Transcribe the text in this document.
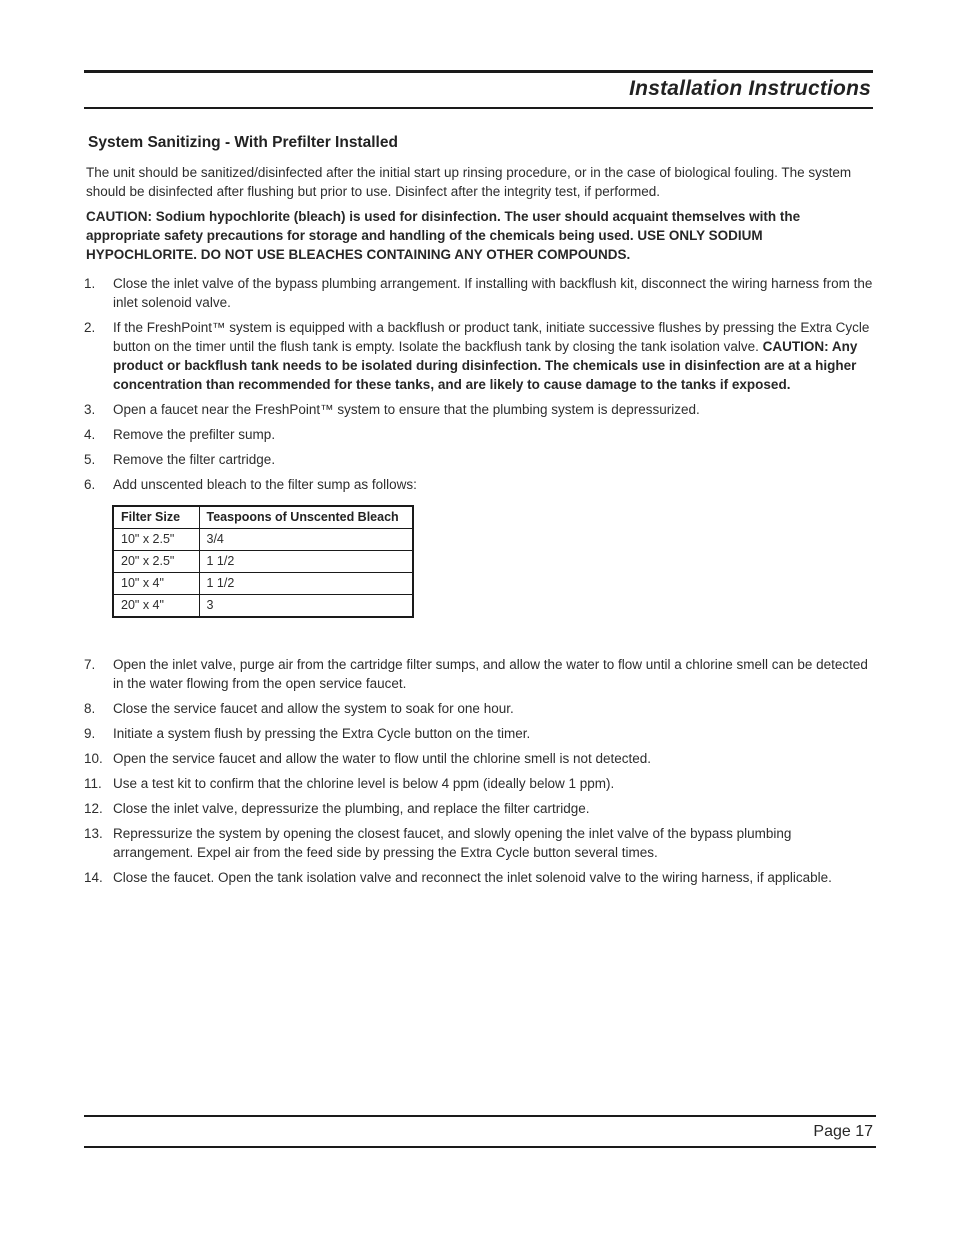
Installation Instructions
System Sanitizing - With Prefilter Installed

The unit should be sanitized/disinfected after the initial start up rinsing procedure, or in the case of biological fouling. The system should be disinfected after flushing but prior to use. Disinfect after the integrity test, if performed.

CAUTION: Sodium hypochlorite (bleach) is used for disinfection. The user should acquaint themselves with the appropriate safety precautions for storage and handling of the chemicals being used. USE ONLY SODIUM HYPOCHLORITE. DO NOT USE BLEACHES CONTAINING ANY OTHER COMPOUNDS.

1.	Close the inlet valve of the bypass plumbing arrangement. If installing with backflush kit, disconnect the wiring harness from the inlet solenoid valve.
2.	If the FreshPoint™ system is equipped with a backflush or product tank, initiate successive flushes by pressing the Extra Cycle button on the timer until the flush tank is empty. Isolate the backflush tank by closing the tank isolation valve. CAUTION: Any product or backflush tank needs to be isolated during disinfection. The chemicals use in disinfection are at a higher concentration than recommended for these tanks, and are likely to cause damage to the tanks if exposed.
3.	Open a faucet near the FreshPoint™ system to ensure that the plumbing system is depressurized.
4.	Remove the prefilter sump.
5.	Remove the filter cartridge.
6.	Add unscented bleach to the filter sump as follows:
Filter Size	Teaspoons of Unscented Bleach
10" x 2.5"	3/4
20" x 2.5"	1 1/2
10" x 4"	1 1/2
20" x 4"	3
7.	Open the inlet valve, purge air from the cartridge filter sumps, and allow the water to flow until a chlorine smell can be detected in the water flowing from the open service faucet.
8.	Close the service faucet and allow the system to soak for one hour.
9.	Initiate a system flush by pressing the Extra Cycle button on the timer.
10. Open the service faucet and allow the water to flow until the chlorine smell is not detected.
11. Use a test kit to confirm that the chlorine level is below 4 ppm (ideally below 1 ppm).
12. Close the inlet valve, depressurize the plumbing, and replace the filter cartridge.
13. Repressurize the system by opening the closest faucet, and slowly opening the inlet valve of the bypass plumbing arrangement. Expel air from the feed side by pressing the Extra Cycle button several times.
14. Close the faucet. Open the tank isolation valve and reconnect the inlet solenoid valve to the wiring harness, if applicable.
Page 17
